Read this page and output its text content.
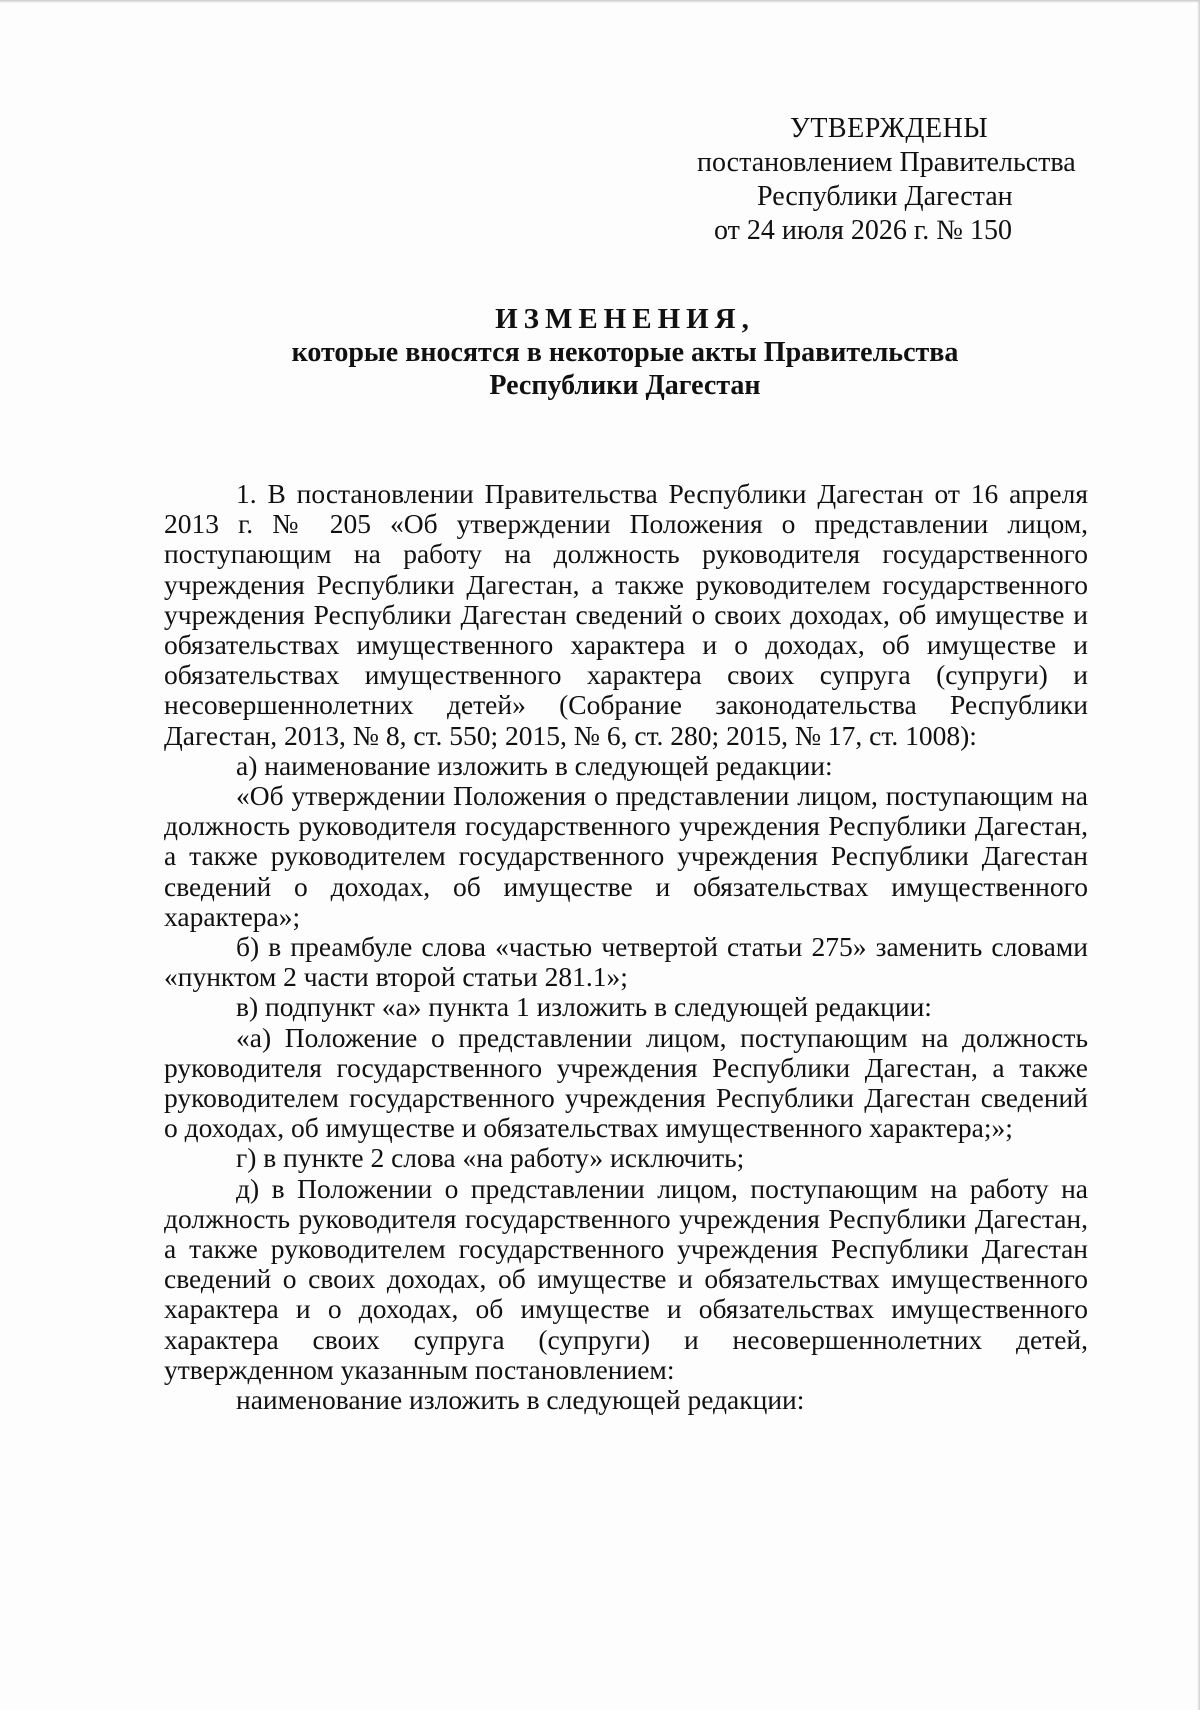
УТВЕРЖДЕНЫ
постановлением Правительства
Республики Дагестан
от 24 июля 2026 г. № 150
ИЗМЕНЕНИЯ,
которые вносятся в некоторые акты Правительства
Республики Дагестан

1. В постановлении Правительства Республики Дагестан от 16 апреля 2013 г. № 205 «Об утверждении Положения о представлении лицом, поступающим на работу на должность руководителя государственного учреждения Республики Дагестан, а также руководителем государственного учреждения Республики Дагестан сведений о своих доходах, об имуществе и обязательствах имущественного характера и о доходах, об имуществе и обязательствах имущественного характера своих супруга (супруги) и несовершеннолетних детей» (Собрание законодательства Республики Дагестан, 2013, № 8, ст. 550; 2015, № 6, ст. 280; 2015, № 17, ст. 1008):

а) наименование изложить в следующей редакции:

«Об утверждении Положения о представлении лицом, поступающим на должность руководителя государственного учреждения Республики Дагестан, а также руководителем государственного учреждения Республики Дагестан сведений о доходах, об имуществе и обязательствах имущественного характера»;

б) в преамбуле слова «частью четвертой статьи 275» заменить словами «пунктом 2 части второй статьи 281.1»;

в) подпункт «а» пункта 1 изложить в следующей редакции:

«а) Положение о представлении лицом, поступающим на должность руководителя государственного учреждения Республики Дагестан, а также руководителем государственного учреждения Республики Дагестан сведений о доходах, об имуществе и обязательствах имущественного характера;»;

г) в пункте 2 слова «на работу» исключить;

д) в Положении о представлении лицом, поступающим на работу на должность руководителя государственного учреждения Республики Дагестан, а также руководителем государственного учреждения Республики Дагестан сведений о своих доходах, об имуществе и обязательствах имущественного характера и о доходах, об имуществе и обязательствах имущественного характера своих супруга (супруги) и несовершеннолетних детей, утвержденном указанным постановлением:

наименование изложить в следующей редакции:
